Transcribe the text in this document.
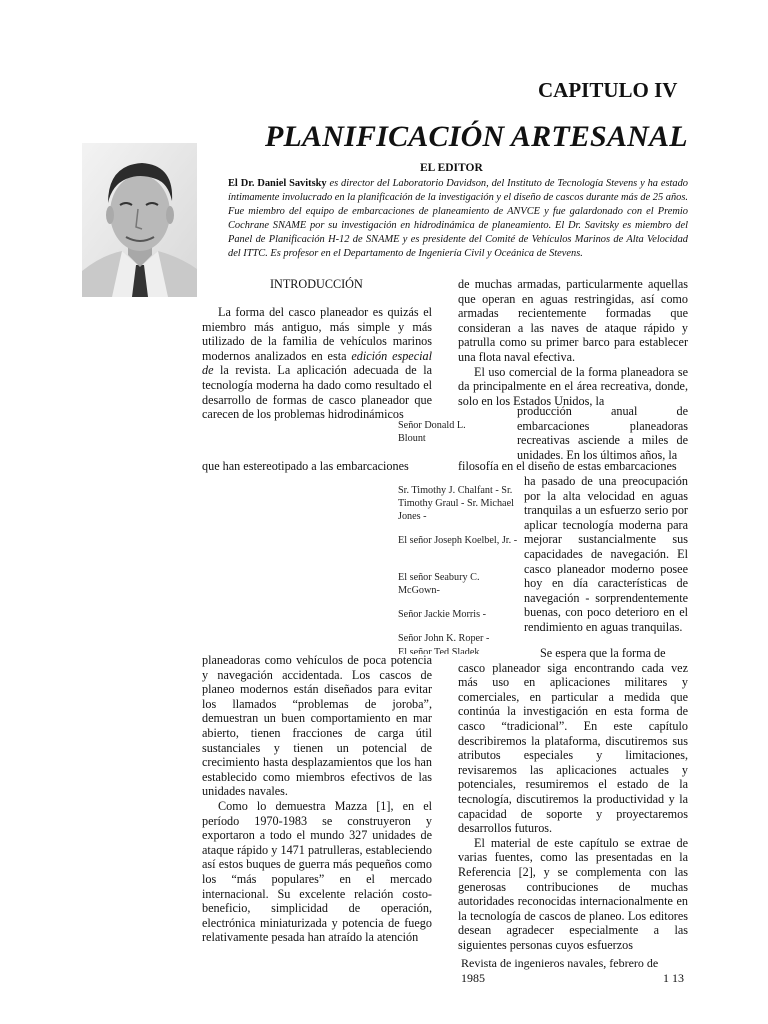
CAPITULO IV
PLANIFICACIÓN ARTESANAL
EL EDITOR
El Dr. Daniel Savitsky es director del Laboratorio Davidson, del Instituto de Tecnología Stevens y ha estado íntimamente involucrado en la planificación de la investigación y el diseño de cascos durante más de 25 años. Fue miembro del equipo de embarcaciones de planeamiento de ANVCE y fue galardonado con el Premio Cochrane SNAME por su investigación en hidrodinámica de planeamiento. El Dr. Savitsky es miembro del Panel de Planificación H-12 de SNAME y es presidente del Comité de Vehículos Marinos de Alta Velocidad del ITTC. Es profesor en el Departamento de Ingeniería Civil y Oceánica de Stevens.
INTRODUCCIÓN

La forma del casco planeador es quizás el miembro más antiguo, más simple y más utilizado de la familia de vehículos marinos modernos analizados en esta edición especial de la revista. La aplicación adecuada de la tecnología moderna ha dado como resultado el desarrollo de formas de casco planeador que carecen de los problemas hidrodinámicos

que han estereotipado a las embarcaciones
Señor Donald L. Blount
Sr. Timothy J. Chalfant - Sr. Timothy Graul - Sr. Michael Jones -
El señor Joseph Koelbel, Jr. -
El señor Seabury C. McGown-
Señor Jackie Morris -
Señor John K. Roper -
El señor Ted Sladek

planeadoras como vehículos de poca potencia y navegación accidentada. Los cascos de planeo modernos están diseñados para evitar los llamados “problemas de joroba”, demuestran un buen comportamiento en mar abierto, tienen fracciones de carga útil sustanciales y tienen un potencial de crecimiento hasta desplazamientos que los han establecido como miembros efectivos de las unidades navales.

Como lo demuestra Mazza [1], en el período 1970-1983 se construyeron y exportaron a todo el mundo 327 unidades de ataque rápido y 1471 patrulleras, estableciendo así estos buques de guerra más pequeños como los “más populares” en el mercado internacional. Su excelente relación costo-beneficio, simplicidad de operación, electrónica miniaturizada y potencia de fuego relativamente pesada han atraído la atención

de muchas armadas, particularmente aquellas que operan en aguas restringidas, así como armadas recientemente formadas que consideran a las naves de ataque rápido y patrulla como su primer barco para establecer una flota naval efectiva.

El uso comercial de la forma planeadora se da principalmente en el área recreativa, donde, solo en los Estados Unidos, la

producción anual de embarcaciones planeadoras recreativas asciende a miles de unidades. En los últimos años, la
filosofía en el diseño de estas embarcaciones
ha pasado de una preocupación por la alta velocidad en aguas tranquilas a un esfuerzo serio por aplicar tecnología moderna para mejorar sustancialmente sus capacidades de navegación. El casco planeador moderno posee hoy en día características de navegación - sorprendentemente buenas, con poco deterioro en el rendimiento en aguas tranquilas.

Se espera que la forma de

casco planeador siga encontrando cada vez más uso en aplicaciones militares y comerciales, en particular a medida que continúa la investigación en esta forma de casco “tradicional”. En este capítulo describiremos la plataforma, discutiremos sus atributos especiales y limitaciones, revisaremos las aplicaciones actuales y potenciales, resumiremos el estado de la tecnología, discutiremos la productividad y la capacidad de soporte y proyectaremos desarrollos futuros.

El material de este capítulo se extrae de varias fuentes, como las presentadas en la Referencia [2], y se complementa con las generosas contribuciones de muchas autoridades reconocidas internacionalmente en la tecnología de cascos de planeo. Los editores desean agradecer especialmente a las siguientes personas cuyos esfuerzos

Revista de ingenieros navales, febrero de 1985	1 13
